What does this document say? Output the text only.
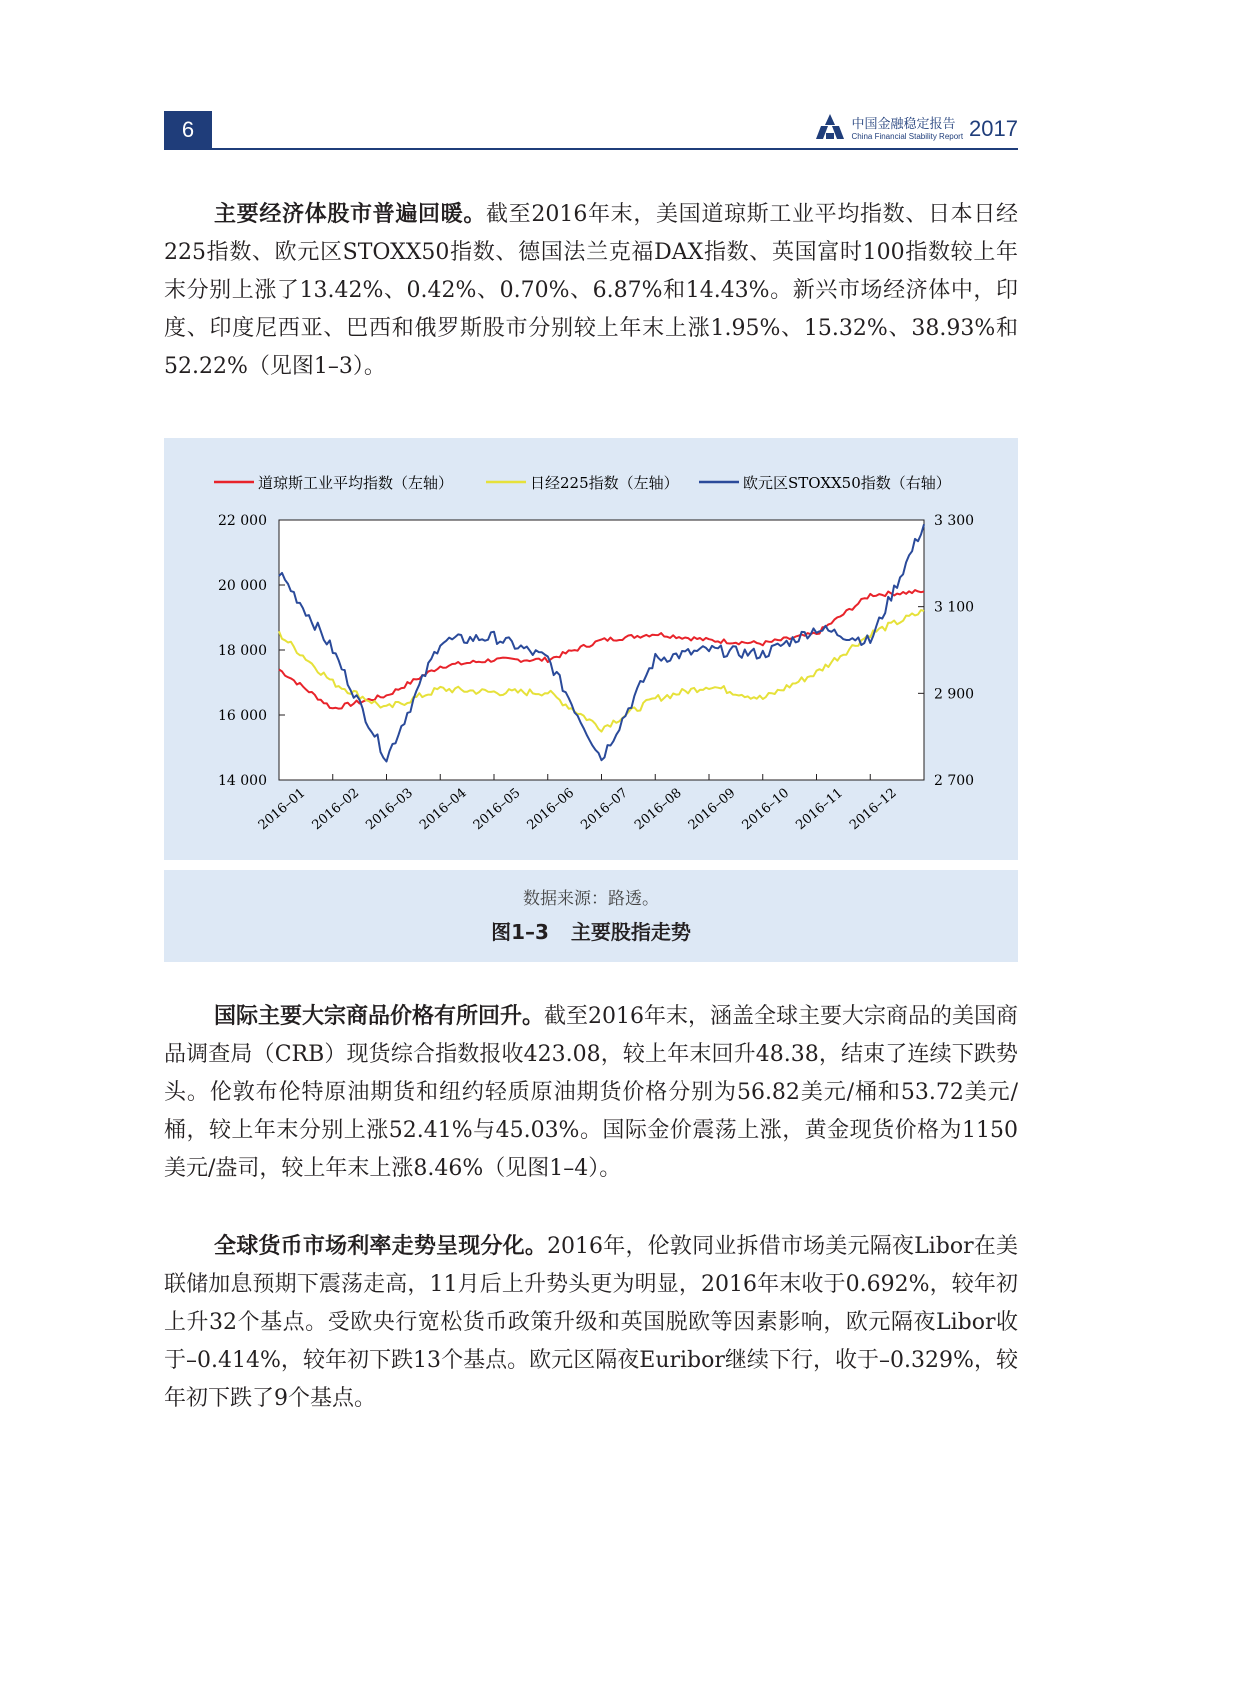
6	中国金融稳定报告
China Financial Stability Report 2017

主要经济体股市普遍回暖。截至2016年末，美国道琼斯工业平均指数、日本日经225指数、欧元区STOXX50指数、德国法兰克福DAX指数、英国富时100指数较上年末分别上涨了13.42%、0.42%、0.70%、6.87%和14.43%。新兴市场经济体中，印度、印度尼西亚、巴西和俄罗斯股市分别较上年末上涨1.95%、15.32%、38.93%和52.22%（见图1–3）。

道琼斯工业平均指数（左轴）	日经225指数（左轴）	欧元区STOXX50指数（右轴）
14 000
16 000
18 000
20 000
22 000
2 700
2 900
3 100
3 300
2016–01 2016–02 2016–03 2016–04 2016–05 2016–06 2016–07 2016–08 2016–09 2016–10 2016–11 2016–12
数据来源：路透。
图1–3 主要股指走势

国际主要大宗商品价格有所回升。截至2016年末，涵盖全球主要大宗商品的美国商品调查局（CRB）现货综合指数报收423.08，较上年末回升48.38，结束了连续下跌势头。伦敦布伦特原油期货和纽约轻质原油期货价格分别为56.82美元/桶和53.72美元/桶，较上年末分别上涨52.41%与45.03%。国际金价震荡上涨，黄金现货价格为1150美元/盎司，较上年末上涨8.46%（见图1–4）。

全球货币市场利率走势呈现分化。2016年，伦敦同业拆借市场美元隔夜Libor在美联储加息预期下震荡走高，11月后上升势头更为明显，2016年末收于0.692%，较年初上升32个基点。受欧央行宽松货币政策升级和英国脱欧等因素影响，欧元隔夜Libor收于–0.414%，较年初下跌13个基点。欧元区隔夜Euribor继续下行，收于–0.329%，较年初下跌了9个基点。
